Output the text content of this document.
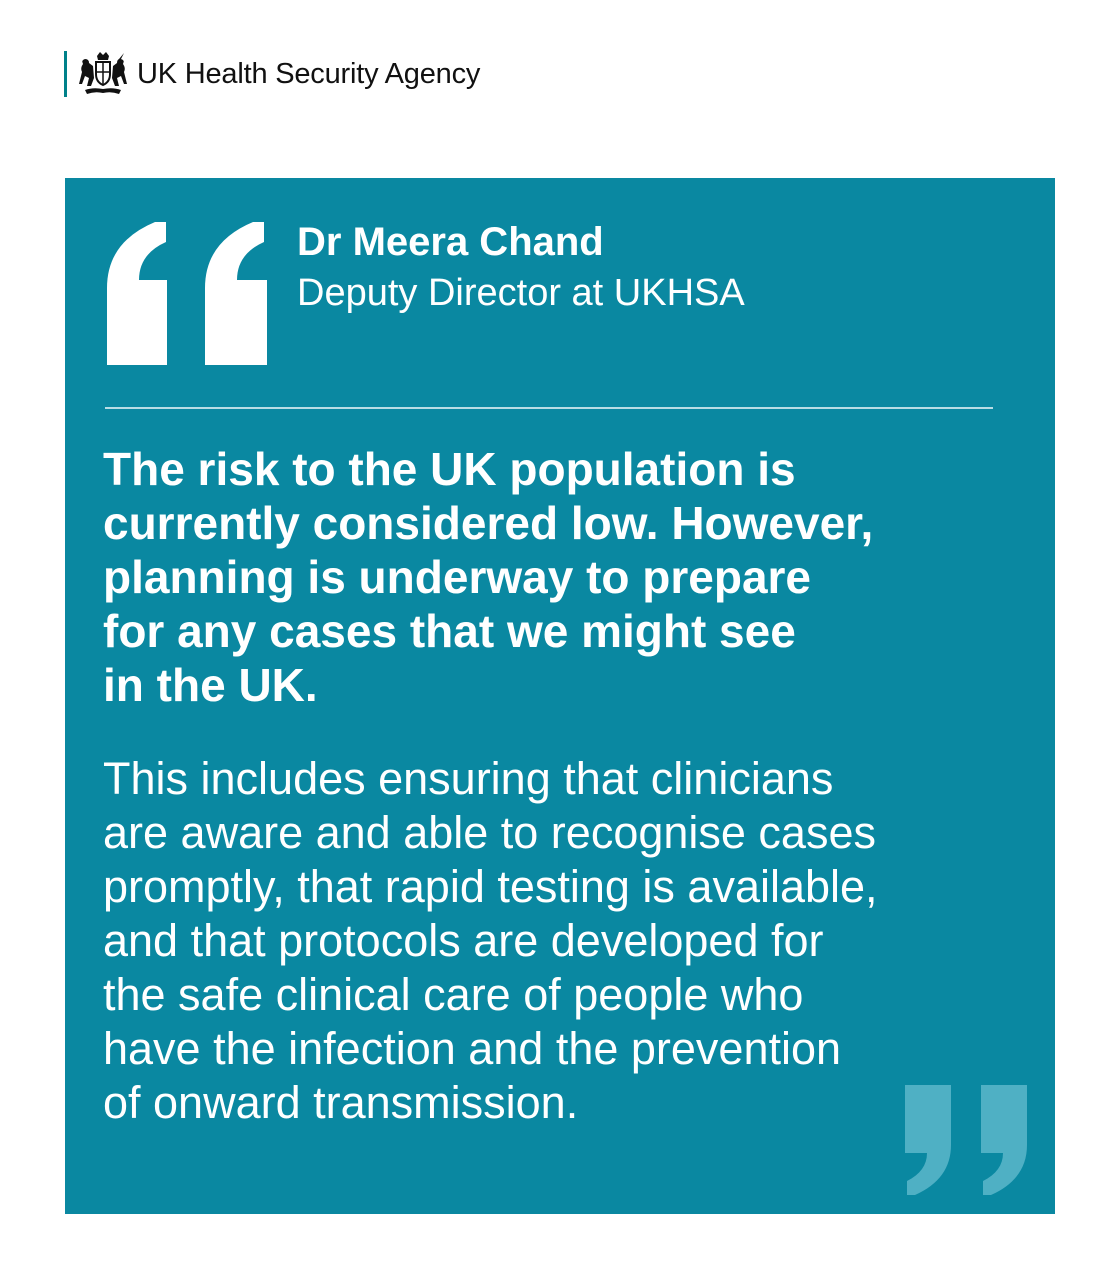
UK Health Security Agency
Dr Meera Chand
Deputy Director at UKHSA

The risk to the UK population is
currently considered low. However,
planning is underway to prepare
for any cases that we might see
in the UK.

This includes ensuring that clinicians
are aware and able to recognise cases
promptly, that rapid testing is available,
and that protocols are developed for
the safe clinical care of people who
have the infection and the prevention
of onward transmission.
